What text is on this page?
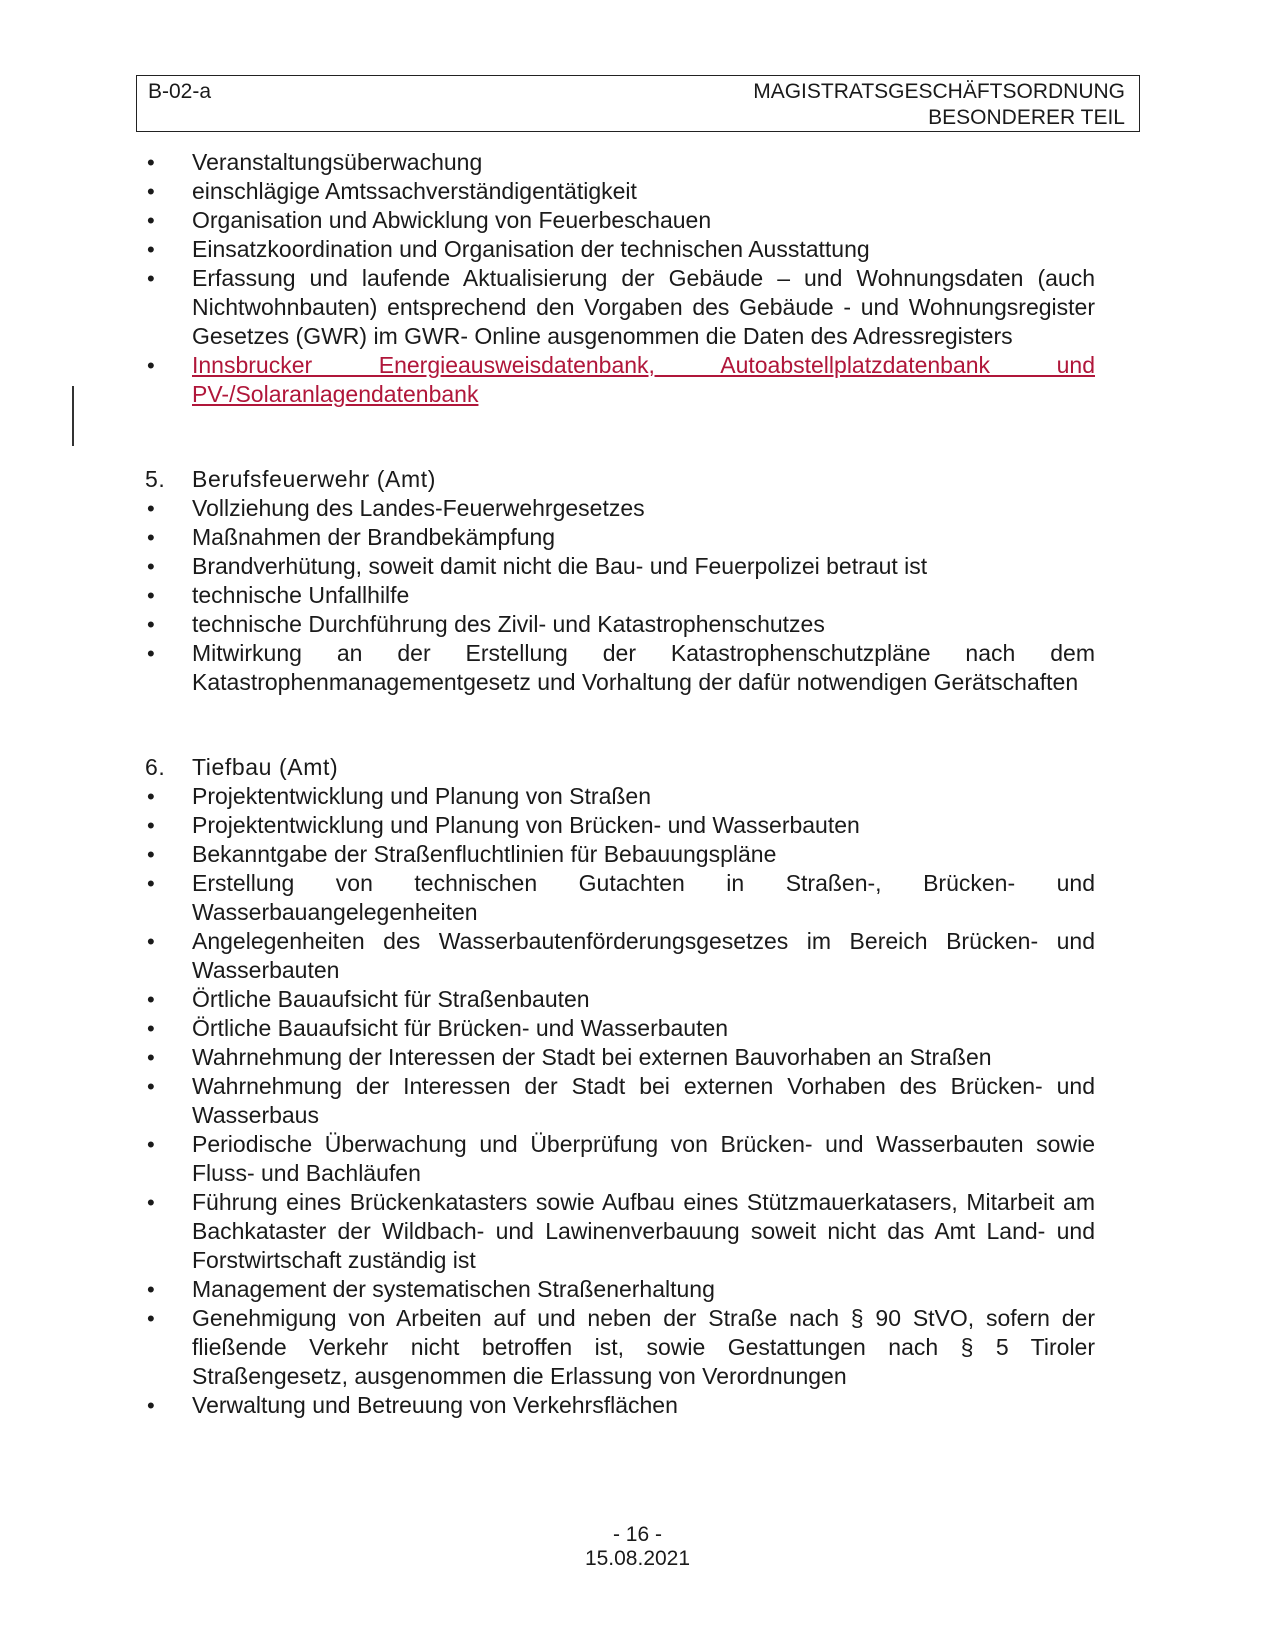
B-02-a	MAGISTRATSGESCHÄFTSORDNUNG
BESONDERER TEIL
• Veranstaltungsüberwachung
• einschlägige Amtssachverständigentätigkeit
• Organisation und Abwicklung von Feuerbeschauen
• Einsatzkoordination und Organisation der technischen Ausstattung
• Erfassung und laufende Aktualisierung der Gebäude – und Wohnungsdaten (auch Nichtwohnbauten) entsprechend den Vorgaben des Gebäude - und Wohnungsregister Gesetzes (GWR) im GWR- Online ausgenommen die Daten des Adressregisters
• Innsbrucker Energieausweisdatenbank, Autoabstellplatzdatenbank und PV-/Solaranlagendatenbank
5. Berufsfeuerwehr (Amt)
• Vollziehung des Landes-Feuerwehrgesetzes
• Maßnahmen der Brandbekämpfung
• Brandverhütung, soweit damit nicht die Bau- und Feuerpolizei betraut ist
• technische Unfallhilfe
• technische Durchführung des Zivil- und Katastrophenschutzes
• Mitwirkung an der Erstellung der Katastrophenschutzpläne nach dem Katastrophenmanagementgesetz und Vorhaltung der dafür notwendigen Gerätschaften
6. Tiefbau (Amt)
• Projektentwicklung und Planung von Straßen
• Projektentwicklung und Planung von Brücken- und Wasserbauten
• Bekanntgabe der Straßenfluchtlinien für Bebauungspläne
• Erstellung von technischen Gutachten in Straßen-, Brücken- und Wasserbauangelegenheiten
• Angelegenheiten des Wasserbautenförderungsgesetzes im Bereich Brücken- und Wasserbauten
• Örtliche Bauaufsicht für Straßenbauten
• Örtliche Bauaufsicht für Brücken- und Wasserbauten
• Wahrnehmung der Interessen der Stadt bei externen Bauvorhaben an Straßen
• Wahrnehmung der Interessen der Stadt bei externen Vorhaben des Brücken- und Wasserbaus
• Periodische Überwachung und Überprüfung von Brücken- und Wasserbauten sowie Fluss- und Bachläufen
• Führung eines Brückenkatasters sowie Aufbau eines Stützmauerkatasers, Mitarbeit am Bachkataster der Wildbach- und Lawinenverbauung soweit nicht das Amt Land- und Forstwirtschaft zuständig ist
• Management der systematischen Straßenerhaltung
• Genehmigung von Arbeiten auf und neben der Straße nach § 90 StVO, sofern der fließende Verkehr nicht betroffen ist, sowie Gestattungen nach § 5 Tiroler Straßengesetz, ausgenommen die Erlassung von Verordnungen
• Verwaltung und Betreuung von Verkehrsflächen
- 16 -
15.08.2021
